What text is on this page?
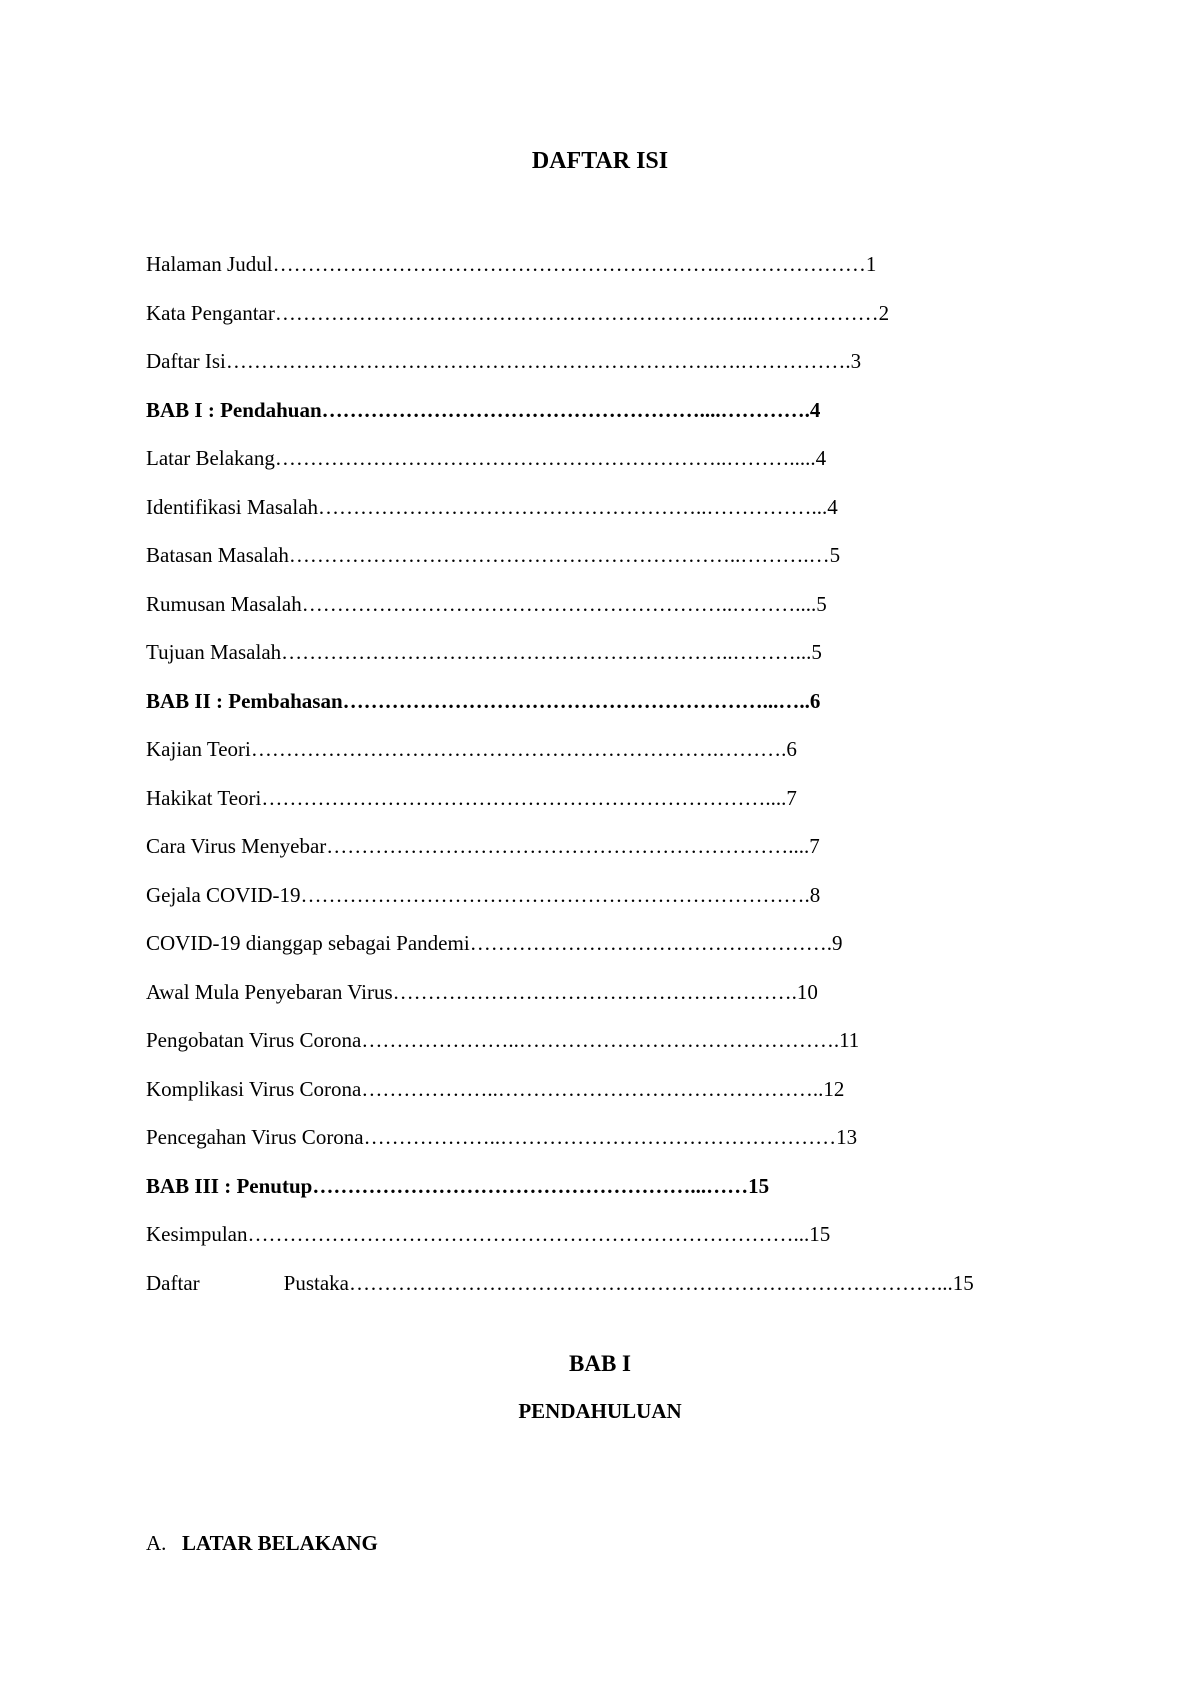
DAFTAR ISI
Halaman Judul……………………………………………………….…………………1
Kata Pengantar……………………………………………………….…..………………2
Daftar Isi…………………………………………………………….….…………….3
BAB I : Pendahuan………………………………………………....………….4
Latar Belakang………………………………………………………..……….....4
Identifikasi Masalah………………………………………………..……………...4
Batasan Masalah………………………………………………………..……….…5
Rumusan Masalah……………………………………………………..………....5
Tujuan Masalah………………………………………………………..………...5
BAB II : Pembahasan……………………………………………………...…..6
Kajian Teori………………………………………………………….……….6
Hakikat Teori………………………………………………………………....7
Cara Virus Menyebar…………………………………………………………....7
Gejala COVID-19……………………………………………………………….8
COVID-19 dianggap sebagai Pandemi…………………………………………….9
Awal Mula Penyebaran Virus………………………………………………….10
Pengobatan Virus Corona…………………..……………………………………….11
Komplikasi Virus Corona………………..………………………………………..12
Pencegahan Virus Corona………………..…………………………………………13
BAB III : Penutup………………………………………………...……15
Kesimpulan……………………………………………………………………...15
Daftar	Pustaka…………………………………………………………………………...15
BAB I
PENDAHULUAN

A. LATAR BELAKANG
